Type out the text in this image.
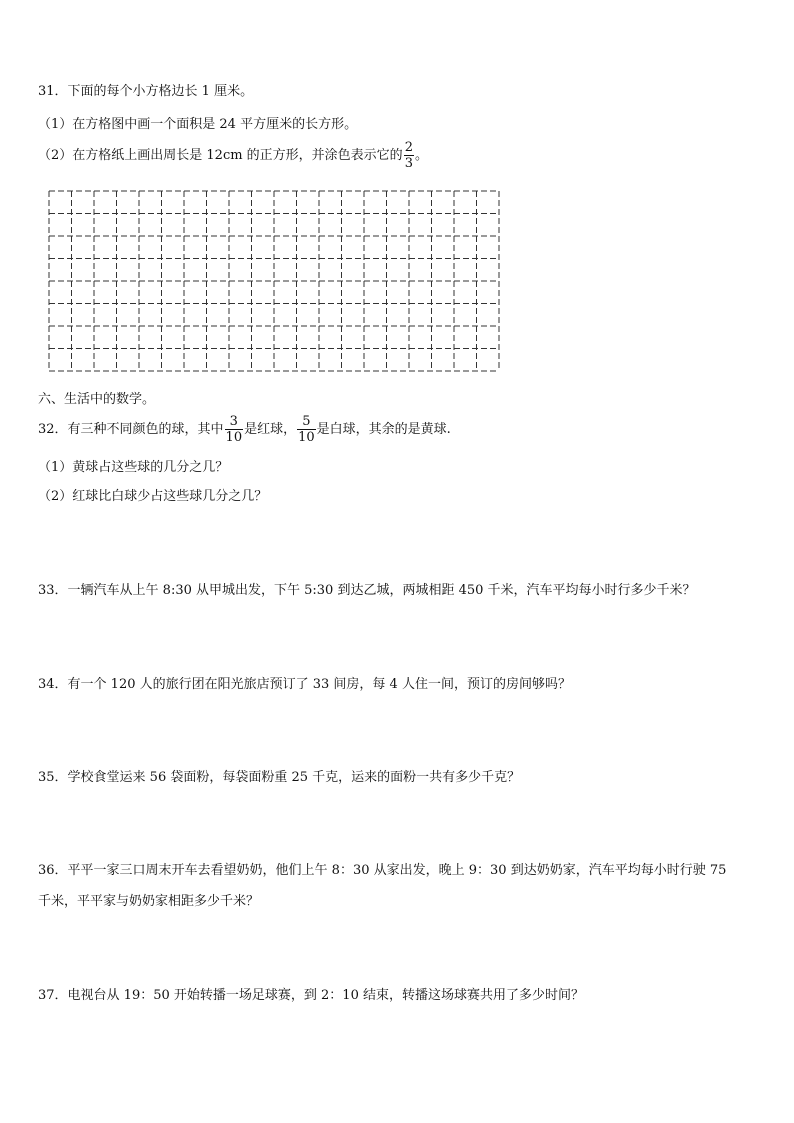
31．下面的每个小方格边长 1 厘米。
（1）在方格图中画一个面积是 24 平方厘米的长方形。
（2）在方格纸上画出周长是 12cm 的正方形，并涂色表示它的 $\frac{2}{3}$ 。
六、生活中的数学。
32．有三种不同颜色的球，其中 $\frac{3}{10}$ 是红球， $\frac{5}{10}$ 是白球，其余的是黄球.
（1）黄球占这些球的几分之几？
（2）红球比白球少占这些球几分之几？
33．一辆汽车从上午 8:30 从甲城出发，下午 5:30 到达乙城，两城相距 450 千米，汽车平均每小时行多少千米？
34．有一个 120 人的旅行团在阳光旅店预订了 33 间房，每 4 人住一间，预订的房间够吗？
35．学校食堂运来 56 袋面粉，每袋面粉重 25 千克，运来的面粉一共有多少千克？
36．平平一家三口周末开车去看望奶奶，他们上午 8：30 从家出发，晚上 9：30 到达奶奶家，汽车平均每小时行驶 75
千米，平平家与奶奶家相距多少千米？
37．电视台从 19：50 开始转播一场足球赛，到 2：10 结束，转播这场球赛共用了多少时间？
